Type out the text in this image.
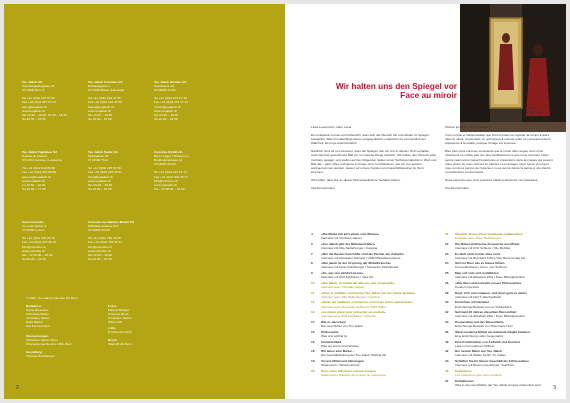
Trésbier
Spiegel KYO
Echiverre mirad
Wir halten uns den Spiegel vor
Face au miroir

Liebe Leserinnen, liebe Leser

Es ist absolut normal und hoffentlich, dass sich der Mensch hin und wieder im Spiegel betrachtet. Was ihm allerdings davon entgegenblickt, entspricht nur vermeintlich der Wahrheit. Es ist ja seitenverkehrt!

Natürlich sind wir uns bewusst, dass der Spiegel, den wir uns in diesem Heft vorhalten, auch das hier gezeichnete Bild vor so manche Dinge verkehrt. Wir haben den Versuch aber trotzdem gewagt, und stellen auf den folgenden Seiten unser Selbstverständnis in Wort und Bild dar – ganz offen und gerne in Frage. Uns zu reflektieren, wie wir von aussen wahrgenommen werden, lassen wir unsere Kunden und Geschäftspartner zu Wort kommen.

Wir hoffen, dass Sie an dieser Momentaufnahme Gefallen finden.

Uta Zimmermann

Chères lectrices, chers lecteurs

Il est normal et indispensable que l'être humain se regarde de temps à autre dans le miroir. Cependant, ce qu'il aperçoit comme reflet ne correspond qu'en apparence à la réalité, puisque l'image est inversée.

Bien plus nous sommes conscients que le miroir dans lequel nous nous observons ne reflète pas non plus parfaitement ce que nous sommes. Nous avons néanmoins risqué l'expérience et présentons dans les pages qui suivent notre vision de nous-mêmes en paroles et en images. Pour savoir comment nous sommes perçus de l'extérieur, nous avons donné la parole à nos clients et partenaires commerciaux.

Nous espérons que vous prendrez plaisir à découvrir cet instantané.

Uta Zimmermann

4	«Die Marke hat jetzt etwas zum Wirken»
Interview mit Christian Jaquet
6	«Teo Jakob gibt der Möbelwelt Wert»
Interview mit Rita Sattlerberger / Cassina
7	«Nur die Besten Geschäfte sind die Partner der Zukunft»
Interview mit Alexander Schlund / USM Möbelbausysteme
8	«Nur jakob ist der Ursprung der Möbelbranche»
Interview mit Peter Rohlsberger / Schweizer Möbelbeirat
9	«So, wer uns wirklich kennt»
Interview mit Rolf Fehlbaum / Vitra AG
10	«Nur jakob, so haben wir alle uns das vorgestellt»
Interview avec Christian Jaquet
11	«Pour le mobilier, l'entreprise Teo Jakob est une valeur ajoutée»
Interview avec Rita Sattlerberger / Cassina
12	«Seuls les meilleurs commerces seront les futurs partenaires»
Interview avec Alexander Schlund / USM Haller
13	«Le mieux placé pour présenter un produit»
Interview avec Rolf Fehlbaum / Vitra AG
14	Wie es dazu kam
Die Geschichte von Teo Jakob
15	Philosophie
Was uns wichtig ist
16	Firmenleitbild
Was wir sind und anstreben
18	Wir leben eine Marke…
Die Geschäftsleitung der Teo Jakob Holding AG
19	Unsere Mittel und Zeitzeugen
Statements / Teilnehmerfeld
20	Nous nous affirmons comme marque
Statements / Rapport de ce que l'on représente
21	Überlick 40 ans d'une excellente collaboration
Entretien avec Peter Rohlsberger
22	Die Möbel stellt keine Ansprüche ans Möbel
Interview mit Fritz Schlerer / Die Mobilier
23	Es läuft nicht immer alles rund
Interview mit Bernhard Kühnl / Der Bund Verlag AG
24	Sich im Büro wie zu Hause fühlen
Komoedienhaus / Innen, von Schlund
25	Man soll sich sich wohlfühlen
Interview mit Elisabeth Zilliq / Pneu Bildungsinstitut
26	«Das Büro unterstreicht unsere Philosophie»
Kunden Interview
28	Kopf, sich und schauen, und dann geht es weiter
Interview mit Nell T. Wechselbach
30	Einrichten mit Herzblut
Einrichtungs-Beispiel von Liv Schlepbach
32	Seit bald 20 Jahren dieselben Bürostühle!
Interview mit Elisabeth Zilliq / Pneu Bildungsinstitut
34	Kooperation auf das Wesentliche
Einrichtungs-Beispiel von Rosemarie Horn
36	Wenn moderne Möbel ein Gebäude-Objekt beleben
Eine Einrichtung voller Gegensätze
40	Eine Kombination von Ästhetik und Komfort
Leben mit modernen Möbeln
42	Der neuste Mann aus Teo Jakob
Interview mit Walter Spühl, St. Gallen
44	Schaffen Sie Ihr Neues Geschäft als Schlüsselbau
Interview mit Beat Loosenberger, Solothurn
46	Collections
Les collections que nous vendons
47	Kollektionen
Was in den Geschäften der Teo Jakob Gruppe präsentiert wird
3
Teo Jakob AG
Gerechtigkeitsgasse 23
CH-3000 Bern 8

Tel +41 (0)31 327 57 00
Fax +41 (0)31 327 57 01
bern@teojakob.ch
www.teojakob.ch
Mo 13.30 – 18.30, 12.30 – 18.30
Sa 10.00 – 16.00
Teo Jakob Colombo AG
Rathausgasse 1
CH-3000 Basel (Lakeside)

Tel +41 (0)61 622 31 55
Fax +41 (0)61 622 31 56
basel@teojakob.ch
www.teojakob.ch
Mo 13.30 – 18.30
Sa 10.00 – 16.00
Teo Jakob Hächler AG
Seestrasse 18
CH-8000 Zürich

Tel +41 (0)44 272 17 30
Fax +41 (0)44 272 17 31
zurich@teojakob.ch
www.teojakob.ch
Mo 13.30 – 18.30
Sa 10.00 – 16.00
Teo Jakob Tagliabue SA
8 place du Molard
CH-1211 Genève / Lausanne

Tél +41 (0)22 810 89 88
Fax +41 (0)22 810 89 89
geneve@teojakob.ch
www.teojakob.ch
Lu 13.30 – 18.30
Sa 10.00 – 17.00
Teo Jakob Spahr AG
Spitalgasse 40
CH-3000 Thun

Tel +41 (0)33 225 50 50
Fax +41 (0)33 225 50 51
thun@teojakob.ch
www.teojakob.ch
Mo 13.30 – 18.30
Sa 10.00 – 16.00
Colombo Mobili AG
Büro / Lager / Showroom
Dreilindenstrasse 41
CH-8000 Zürich

Tel +41 (0)41 921 14 14
Fax +41 (0)41 922 25 27
info@colombo.ch
www.colombo.ch
Mo – Fr 08.00 – 12.00
Casa Colombo
Im Laufenacher 4
CH-6000 Luzern

Tel +41 (0)41 220 26 18
Fax +41 (0)41 220 26 19
info@colombo.ch
www.colombo.ch
Mo – Fr 09.00 – 18.30
Sa 09.00 – 16.00
Colombo bei Hächler Mobili AG
Sihlhaldenstrasse 214
CH-8000 Zürich

Tel +41 (0)41 762 40 20
Fax +41 (0)41 762 40 21
info@colombo.ch
www.colombo.ch
Mo 13.30 – 18.30
Sa 10.00 – 16.00
© 2007, Teo Jakob Colombo AG Bern
Redaktion
Sylvia Baumann
Franziska Martin
Christiane Sieber
Erika Bieber
Uta Zimmermann
Fotos
Markus Bürgler
Susanne Brodt
Christiane Sieber
Willy Lüthi
Übersetzungen
Christiane Sieber, Bern
Übersetzungs-Service UBS, Bern
Litho
Prolitho AG Worb
Gestaltung
Thomas Rohlsberger
Druck
Stämpfli AG Bern
2
